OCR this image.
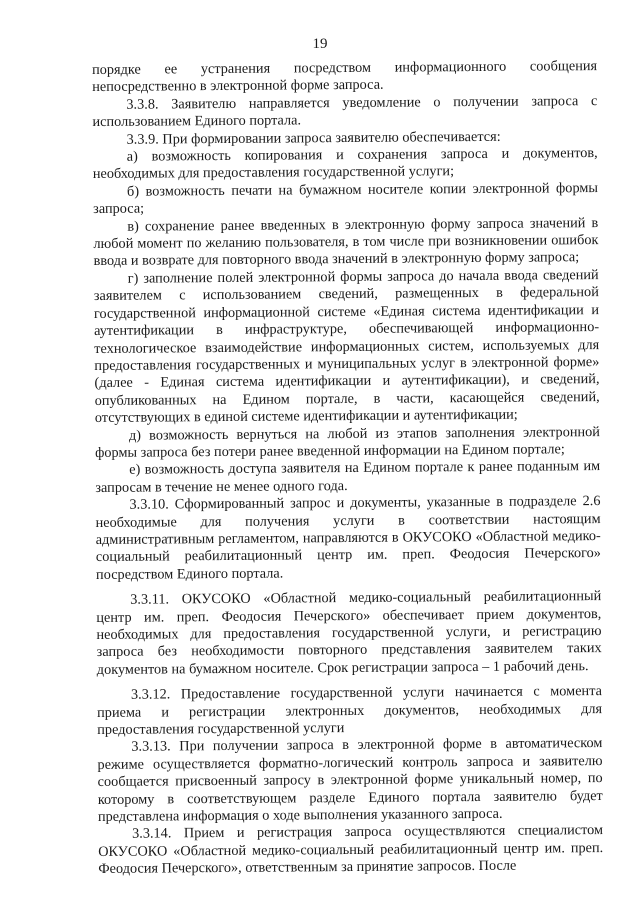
19

порядке ее устранения посредством информационного сообщения непосредственно в электронной форме запроса.

3.3.8. Заявителю направляется уведомление о получении запроса с использованием Единого портала.

3.3.9. При формировании запроса заявителю обеспечивается:

а) возможность копирования и сохранения запроса и документов, необходимых для предоставления государственной услуги;

б) возможность печати на бумажном носителе копии электронной формы запроса;

в) сохранение ранее введенных в электронную форму запроса значений в любой момент по желанию пользователя, в том числе при возникновении ошибок ввода и возврате для повторного ввода значений в электронную форму запроса;

г) заполнение полей электронной формы запроса до начала ввода сведений заявителем с использованием сведений, размещенных в федеральной государственной информационной системе «Единая система идентификации и аутентификации в инфраструктуре, обеспечивающей информационно-технологическое взаимодействие информационных систем, используемых для предоставления государственных и муниципальных услуг в электронной форме» (далее - Единая система идентификации и аутентификации), и сведений, опубликованных на Едином портале, в части, касающейся сведений, отсутствующих в единой системе идентификации и аутентификации;

д) возможность вернуться на любой из этапов заполнения электронной формы запроса без потери ранее введенной информации на Едином портале;

е) возможность доступа заявителя на Едином портале к ранее поданным им запросам в течение не менее одного года.

3.3.10. Сформированный запрос и документы, указанные в подразделе 2.6 необходимые для получения услуги в соответствии настоящим административным регламентом, направляются в ОКУСОКО «Областной медико-социальный реабилитационный центр им. преп. Феодосия Печерского» посредством Единого портала.

3.3.11. ОКУСОКО «Областной медико-социальный реабилитационный центр им. преп. Феодосия Печерского» обеспечивает прием документов, необходимых для предоставления государственной услуги, и регистрацию запроса без необходимости повторного представления заявителем таких документов на бумажном носителе. Срок регистрации запроса – 1 рабочий день.

3.3.12. Предоставление государственной услуги начинается с момента приема и регистрации электронных документов, необходимых для предоставления государственной услуги

3.3.13. При получении запроса в электронной форме в автоматическом режиме осуществляется форматно-логический контроль запроса и заявителю сообщается присвоенный запросу в электронной форме уникальный номер, по которому в соответствующем разделе Единого портала заявителю будет представлена информация о ходе выполнения указанного запроса.

3.3.14. Прием и регистрация запроса осуществляются специалистом ОКУСОКО «Областной медико-социальный реабилитационный центр им. преп. Феодосия Печерского», ответственным за принятие запросов. После
